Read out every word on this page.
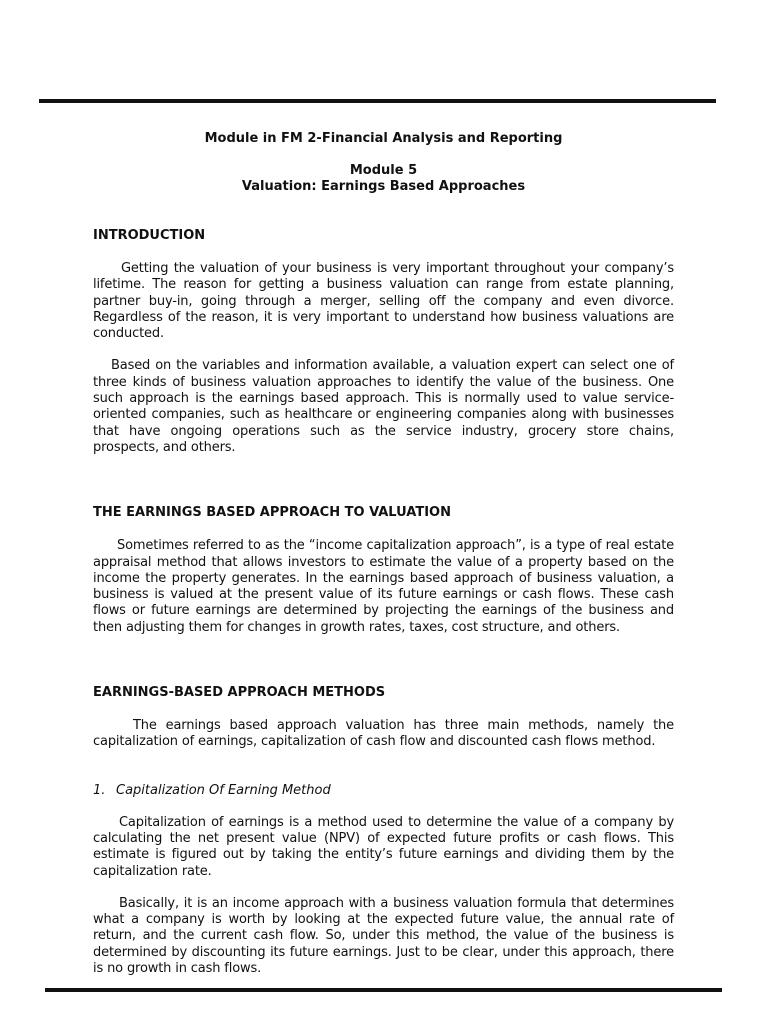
Module in FM 2-Financial Analysis and Reporting

Module 5

Valuation: Earnings Based Approaches

INTRODUCTION

Getting the valuation of your business is very important throughout your company’s lifetime. The reason for getting a business valuation can range from estate planning, partner buy-in, going through a merger, selling off the company and even divorce. Regardless of the reason, it is very important to understand how business valuations are conducted.

Based on the variables and information available, a valuation expert can select one of three kinds of business valuation approaches to identify the value of the business. One such approach is the earnings based approach. This is normally used to value service-oriented companies, such as healthcare or engineering companies along with businesses that have ongoing operations such as the service industry, grocery store chains, prospects, and others.

THE EARNINGS BASED APPROACH TO VALUATION

Sometimes referred to as the “income capitalization approach”, is a type of real estate appraisal method that allows investors to estimate the value of a property based on the income the property generates. In the earnings based approach of business valuation, a business is valued at the present value of its future earnings or cash flows. These cash flows or future earnings are determined by projecting the earnings of the business and then adjusting them for changes in growth rates, taxes, cost structure, and others.

EARNINGS-BASED APPROACH METHODS

The earnings based approach valuation has three main methods, namely the capitalization of earnings, capitalization of cash flow and discounted cash flows method.

1. Capitalization Of Earning Method

Capitalization of earnings is a method used to determine the value of a company by calculating the net present value (NPV) of expected future profits or cash flows. This estimate is figured out by taking the entity’s future earnings and dividing them by the capitalization rate.

Basically, it is an income approach with a business valuation formula that determines what a company is worth by looking at the expected future value, the annual rate of return, and the current cash flow. So, under this method, the value of the business is determined by discounting its future earnings. Just to be clear, under this approach, there is no growth in cash flows.
